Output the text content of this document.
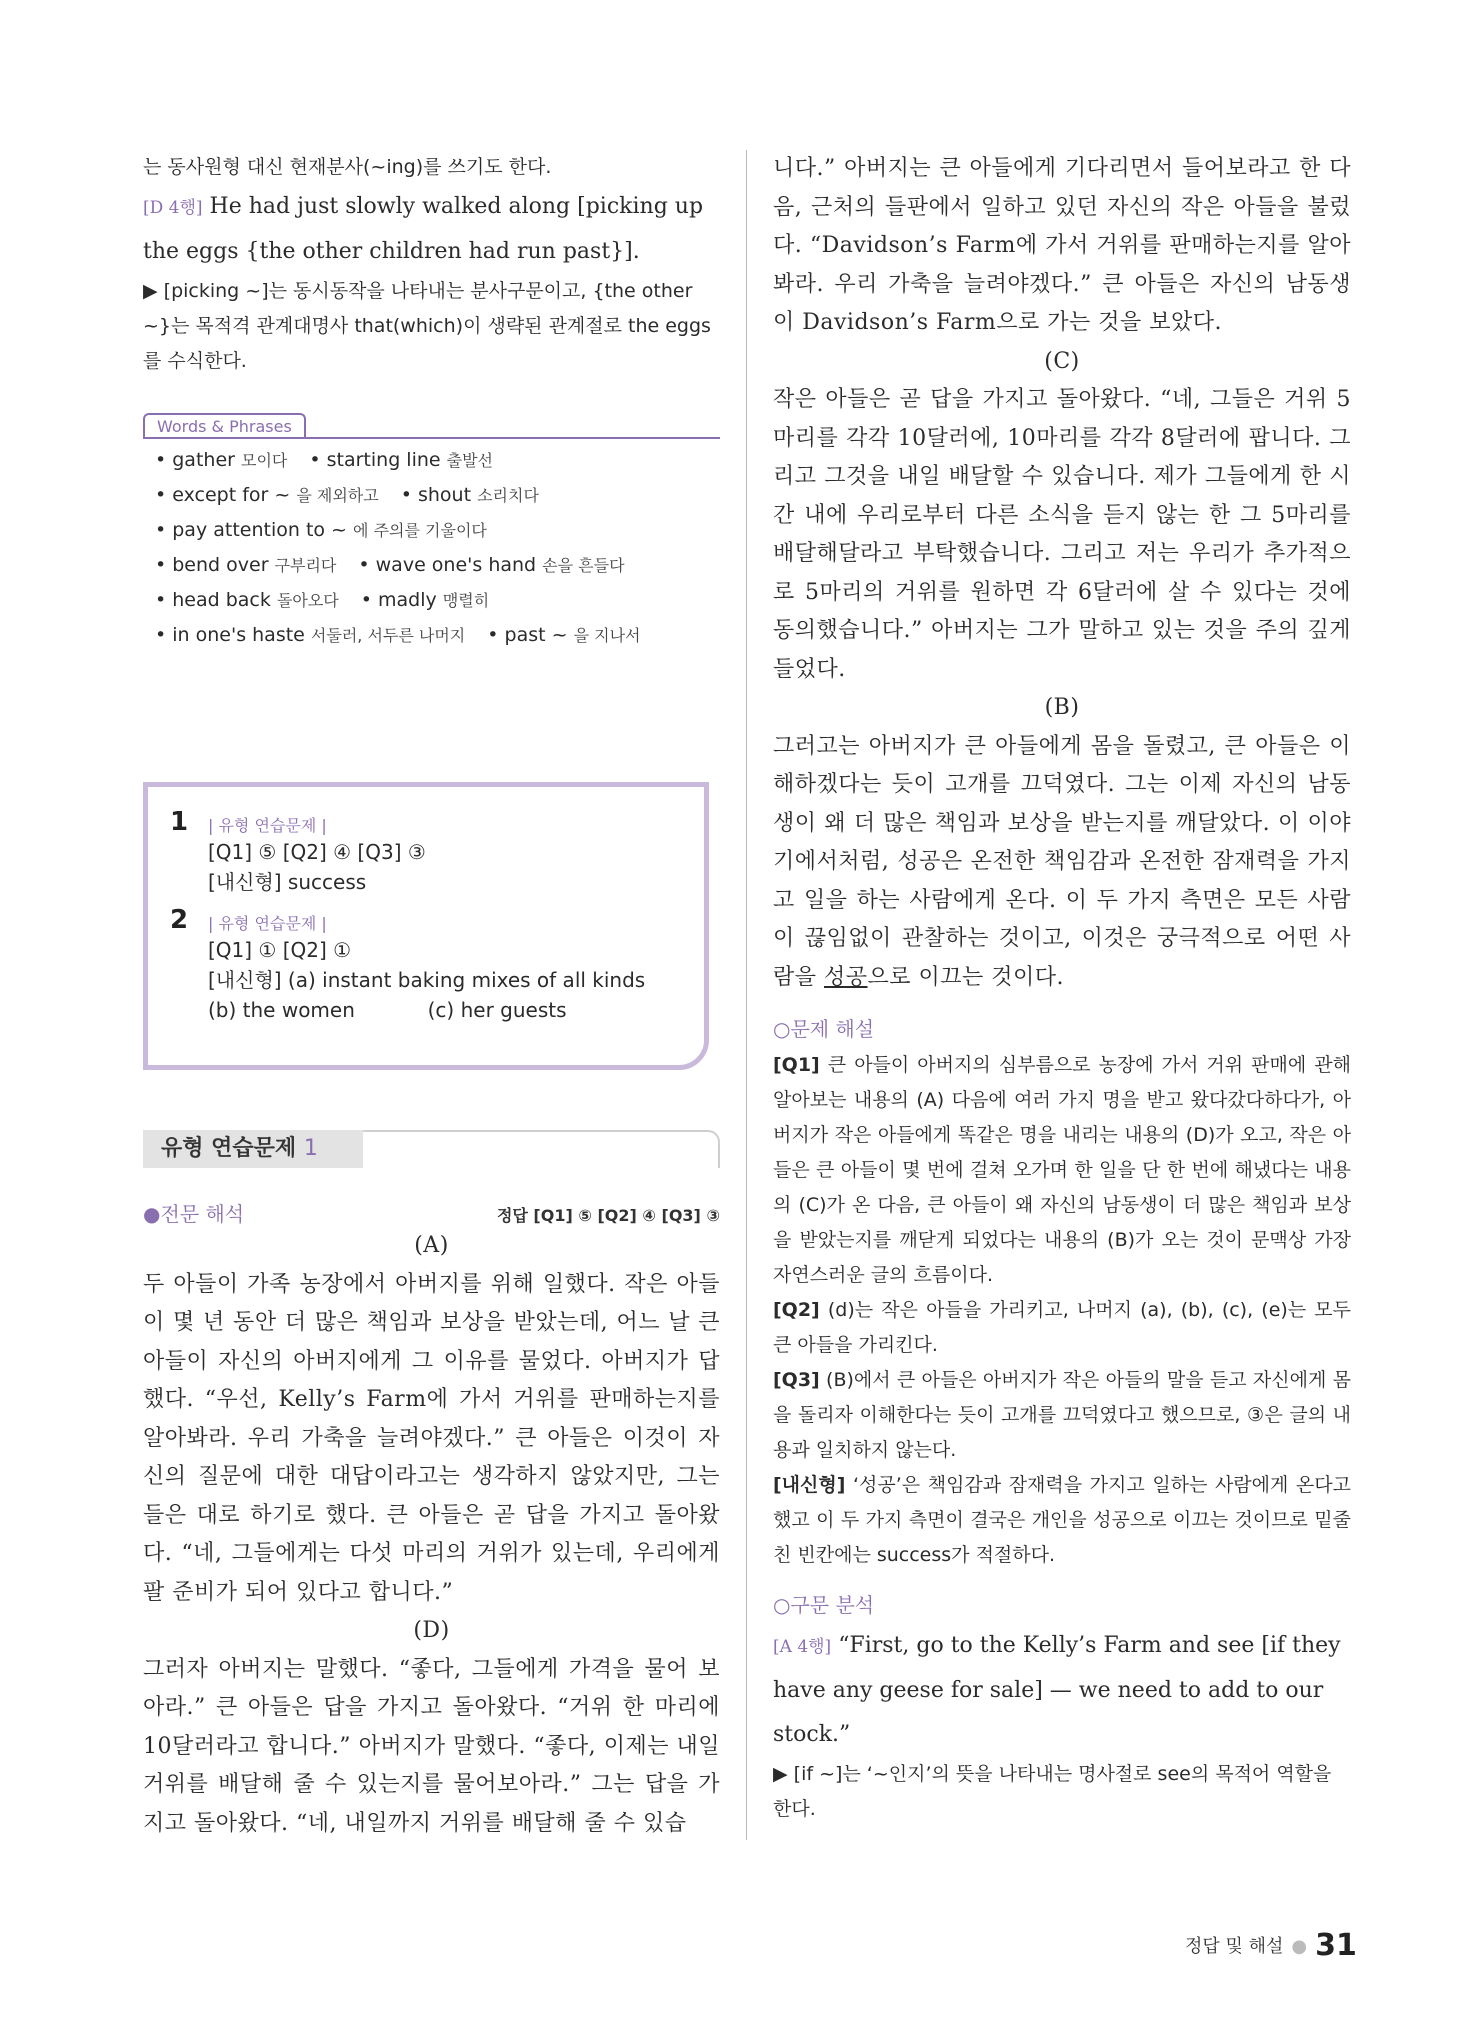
는 동사원형 대신 현재분사(~ing)를 쓰기도 한다.
[D 4행] He had just slowly walked along [picking up
the eggs {the other children had run past}].
▶ [picking ~]는 동시동작을 나타내는 분사구문이고, {the other ~}는 목적격 관계대명사 that(which)이 생략된 관계절로 the eggs를 수식한다.
Words & Phrases
• gather 모이다 • starting line 출발선
• except for ~ 을 제외하고 • shout 소리치다
• pay attention to ~ 에 주의를 기울이다
• bend over 구부리다 • wave one's hand 손을 흔들다
• head back 돌아오다 • madly 맹렬히
• in one's haste 서둘러, 서두른 나머지 • past ~ 을 지나서
1	| 유형 연습문제 |
[Q1] ⑤ [Q2] ④ [Q3] ③
[내신형] success
2	| 유형 연습문제 |
[Q1] ① [Q2] ①
[내신형] (a) instant baking mixes of all kinds
(b) the women	(c) her guests
유형 연습문제 1
●전문 해석	정답 [Q1] ⑤ [Q2] ④ [Q3] ③
(A)
두 아들이 가족 농장에서 아버지를 위해 일했다. 작은 아들이 몇 년 동안 더 많은 책임과 보상을 받았는데, 어느 날 큰 아들이 자신의 아버지에게 그 이유를 물었다. 아버지가 답했다. “우선, Kelly’s Farm에 가서 거위를 판매하는지를 알아봐라. 우리 가축을 늘려야겠다.” 큰 아들은 이것이 자신의 질문에 대한 대답이라고는 생각하지 않았지만, 그는 들은 대로 하기로 했다. 큰 아들은 곧 답을 가지고 돌아왔다. “네, 그들에게는 다섯 마리의 거위가 있는데, 우리에게 팔 준비가 되어 있다고 합니다.”
(D)
그러자 아버지는 말했다. “좋다, 그들에게 가격을 물어 보아라.” 큰 아들은 답을 가지고 돌아왔다. “거위 한 마리에 10달러라고 합니다.” 아버지가 말했다. “좋다, 이제는 내일 거위를 배달해 줄 수 있는지를 물어보아라.” 그는 답을 가지고 돌아왔다. “네, 내일까지 거위를 배달해 줄 수 있습
니다.” 아버지는 큰 아들에게 기다리면서 들어보라고 한 다음, 근처의 들판에서 일하고 있던 자신의 작은 아들을 불렀다. “Davidson’s Farm에 가서 거위를 판매하는지를 알아봐라. 우리 가축을 늘려야겠다.” 큰 아들은 자신의 남동생이 Davidson’s Farm으로 가는 것을 보았다.
(C)
작은 아들은 곧 답을 가지고 돌아왔다. “네, 그들은 거위 5마리를 각각 10달러에, 10마리를 각각 8달러에 팝니다. 그리고 그것을 내일 배달할 수 있습니다. 제가 그들에게 한 시간 내에 우리로부터 다른 소식을 듣지 않는 한 그 5마리를 배달해달라고 부탁했습니다. 그리고 저는 우리가 추가적으로 5마리의 거위를 원하면 각 6달러에 살 수 있다는 것에 동의했습니다.” 아버지는 그가 말하고 있는 것을 주의 깊게 들었다.
(B)
그러고는 아버지가 큰 아들에게 몸을 돌렸고, 큰 아들은 이해하겠다는 듯이 고개를 끄덕였다. 그는 이제 자신의 남동생이 왜 더 많은 책임과 보상을 받는지를 깨달았다. 이 이야기에서처럼, 성공은 온전한 책임감과 온전한 잠재력을 가지고 일을 하는 사람에게 온다. 이 두 가지 측면은 모든 사람이 끊임없이 관찰하는 것이고, 이것은 궁극적으로 어떤 사람을 성공으로 이끄는 것이다.
○문제 해설
[Q1] 큰 아들이 아버지의 심부름으로 농장에 가서 거위 판매에 관해 알아보는 내용의 (A) 다음에 여러 가지 명을 받고 왔다갔다하다가, 아버지가 작은 아들에게 똑같은 명을 내리는 내용의 (D)가 오고, 작은 아들은 큰 아들이 몇 번에 걸쳐 오가며 한 일을 단 한 번에 해냈다는 내용의 (C)가 온 다음, 큰 아들이 왜 자신의 남동생이 더 많은 책임과 보상을 받았는지를 깨닫게 되었다는 내용의 (B)가 오는 것이 문맥상 가장 자연스러운 글의 흐름이다.
[Q2] (d)는 작은 아들을 가리키고, 나머지 (a), (b), (c), (e)는 모두 큰 아들을 가리킨다.
[Q3] (B)에서 큰 아들은 아버지가 작은 아들의 말을 듣고 자신에게 몸을 돌리자 이해한다는 듯이 고개를 끄덕였다고 했으므로, ③은 글의 내용과 일치하지 않는다.
[내신형] ‘성공’은 책임감과 잠재력을 가지고 일하는 사람에게 온다고 했고 이 두 가지 측면이 결국은 개인을 성공으로 이끄는 것이므로 밑줄 친 빈칸에는 success가 적절하다.
○구문 분석
[A 4행] “First, go to the Kelly’s Farm and see [if they have any geese for sale] — we need to add to our stock.”
▶ [if ~]는 ‘~인지’의 뜻을 나타내는 명사절로 see의 목적어 역할을 한다.
정답 및 해설 ● 31
